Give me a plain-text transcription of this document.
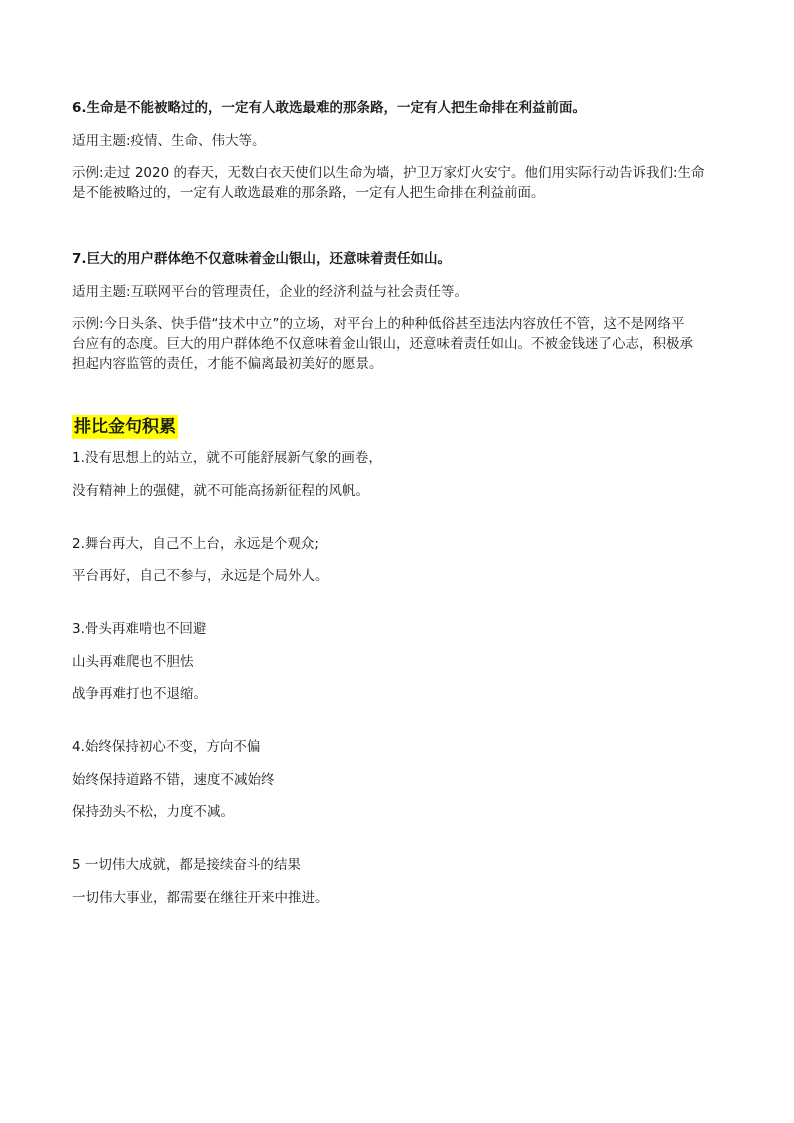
6.生命是不能被略过的，一定有人敢选最难的那条路，一定有人把生命排在利益前面。

适用主题:疫情、生命、伟大等。

示例:走过 2020 的春天，无数白衣天使们以生命为墙，护卫万家灯火安宁。他们用实际行动告诉我们:生命

是不能被略过的，一定有人敢选最难的那条路，一定有人把生命排在利益前面。

7.巨大的用户群体绝不仅意味着金山银山，还意味着责任如山。

适用主题:互联网平台的管理责任，企业的经济利益与社会责任等。

示例:今日头条、快手借“技术中立”的立场，对平台上的种种低俗甚至违法内容放任不管，这不是网络平

台应有的态度。巨大的用户群体绝不仅意味着金山银山，还意味着责任如山。不被金钱迷了心志，积极承

担起内容监管的责任，才能不偏离最初美好的愿景。

排比金句积累

1.没有思想上的站立，就不可能舒展新气象的画卷，

没有精神上的强健，就不可能高扬新征程的风帆。

2.舞台再大，自己不上台，永远是个观众;

平台再好，自己不参与，永远是个局外人。

3.骨头再难啃也不回避

山头再难爬也不胆怯

战争再难打也不退缩。

4.始终保持初心不变，方向不偏

始终保持道路不错，速度不减始终

保持劲头不松，力度不减。

5 一切伟大成就，都是接续奋斗的结果

一切伟大事业，都需要在继往开来中推进。
